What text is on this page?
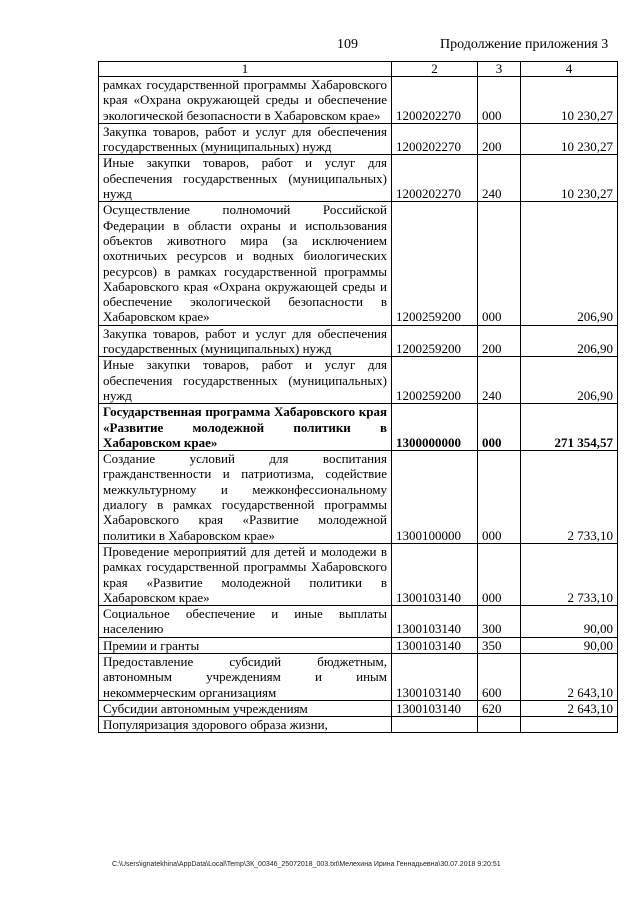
109	Продолжение приложения 3
1	2	3	4
рамках государственной программы Хабаровского края «Охрана окружающей среды и обеспечение экологической безопасности в Хабаровском крае»	1200202270	000	10 230,27
Закупка товаров, работ и услуг для обеспечения государственных (муниципальных) нужд	1200202270	200	10 230,27
Иные закупки товаров, работ и услуг для обеспечения государственных (муниципальных) нужд	1200202270	240	10 230,27
Осуществление полномочий Российской Федерации в области охраны и использования объектов животного мира (за исключением охотничьих ресурсов и водных биологических ресурсов) в рамках государственной программы Хабаровского края «Охрана окружающей среды и обеспечение экологической безопасности в Хабаровском крае»	1200259200	000	206,90
Закупка товаров, работ и услуг для обеспечения государственных (муниципальных) нужд	1200259200	200	206,90
Иные закупки товаров, работ и услуг для обеспечения государственных (муниципальных) нужд	1200259200	240	206,90
Государственная программа Хабаровского края «Развитие молодежной политики в Хабаровском крае»	1300000000	000	271 354,57
Создание условий для воспитания гражданственности и патриотизма, содействие межкультурному и межконфессиональному диалогу в рамках государственной программы Хабаровского края «Развитие молодежной политики в Хабаровском крае»	1300100000	000	2 733,10
Проведение мероприятий для детей и молодежи в рамках государственной программы Хабаровского края «Развитие молодежной политики в Хабаровском крае»	1300103140	000	2 733,10
Социальное обеспечение и иные выплаты населению	1300103140	300	90,00
Премии и гранты	1300103140	350	90,00
Предоставление субсидий бюджетным, автономным учреждениям и иным некоммерческим организациям	1300103140	600	2 643,10
Субсидии автономным учреждениям	1300103140	620	2 643,10
Популяризация здорового образа жизни,			
C:\Users\ignatekhina\AppData\Local\Temp\ЗК_00346_25072018_003.txt\Мелехина Ирина Геннадьевна\30.07.2018 9:20:51
